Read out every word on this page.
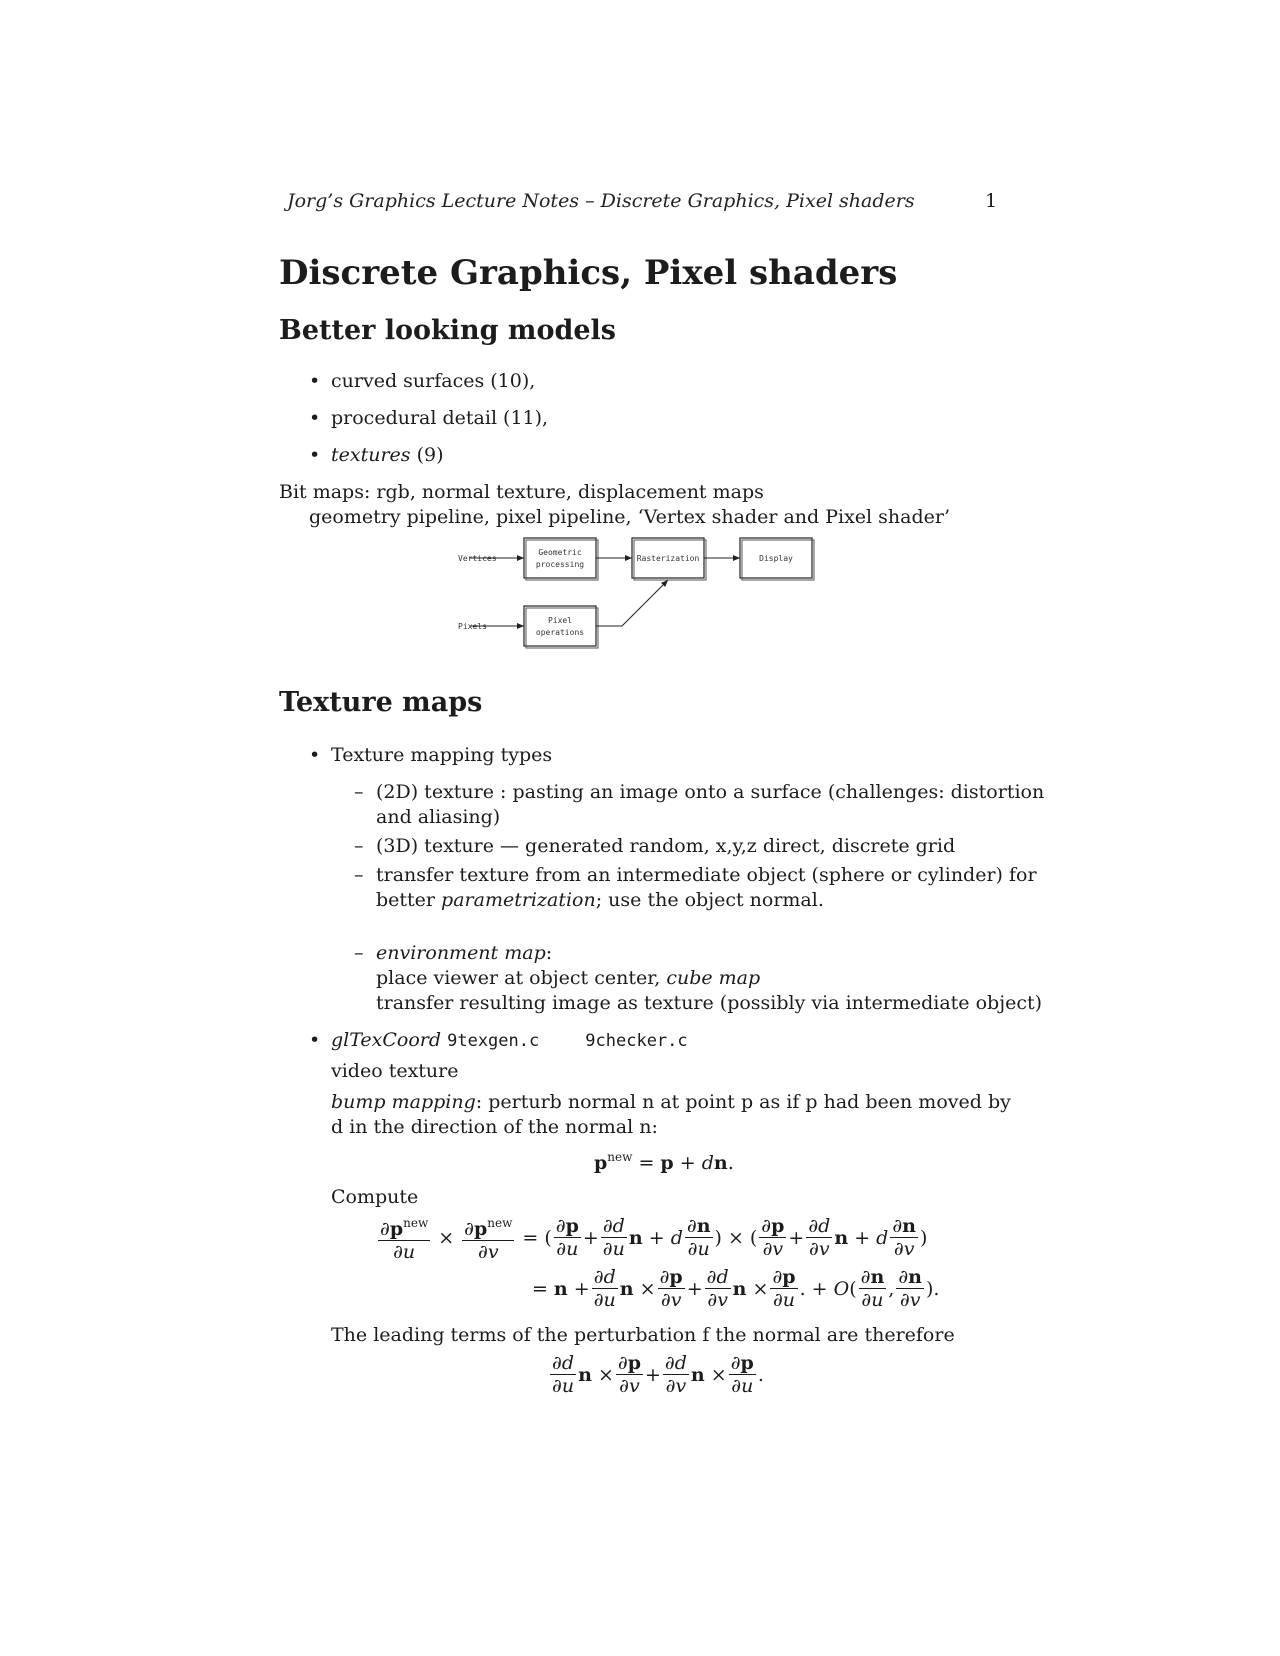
Jorg’s Graphics Lecture Notes – Discrete Graphics, Pixel shaders	1
Discrete Graphics, Pixel shaders
Better looking models
• curved surfaces (10),
• procedural detail (11),
• textures (9)
Bit maps: rgb, normal texture, displacement maps
geometry pipeline, pixel pipeline, ‘Vertex shader and Pixel shader’
Vertices
Pixels
Geometric
processing
Rasterization	Display
Pixel
operations
Texture maps
• Texture mapping types
– (2D) texture : pasting an image onto a surface (challenges: distortion
and aliasing)
– (3D) texture — generated random, x,y,z direct, discrete grid
– transfer texture from an intermediate object (sphere or cylinder) for
better parametrization; use the object normal.
– environment map:
place viewer at object center, cube map
transfer resulting image as texture (possibly via intermediate object)
• glTexCoord 9texgen.c	9checker.c
video texture
bump mapping: perturb normal n at point p as if p had been moved by
d in the direction of the normal n:
$p^{new} = p$ + dn.
Compute
$\frac{\partial p^{new}}{\partial u} \times \frac{\partial p^{new}}{\partial v}$ = ( $\frac{\partial p}{\partial u} + \frac{\partial d}{\partial u}$ n + d $\frac{\partial n}{\partial u}$ ) × ( $\frac{\partial p}{\partial v} + \frac{\partial d}{\partial v}$ n + d $\frac{\partial n}{\partial v}$ )
= $n + \frac{\partial d}{\partial u}$ $n \times \frac{\partial p}{\partial v} + \frac{\partial d}{\partial v}$ $n \times \frac{\partial p}{\partial u}$ . + O ( $\frac{\partial n}{\partial u}$ , $\frac{\partial n}{\partial v}$ ).
The leading terms of the perturbation f the normal are therefore
$\frac{\partial d}{\partial u}$ $n \times \frac{\partial p}{\partial v} + \frac{\partial d}{\partial v}$ $n \times \frac{\partial p}{\partial u}$ .
